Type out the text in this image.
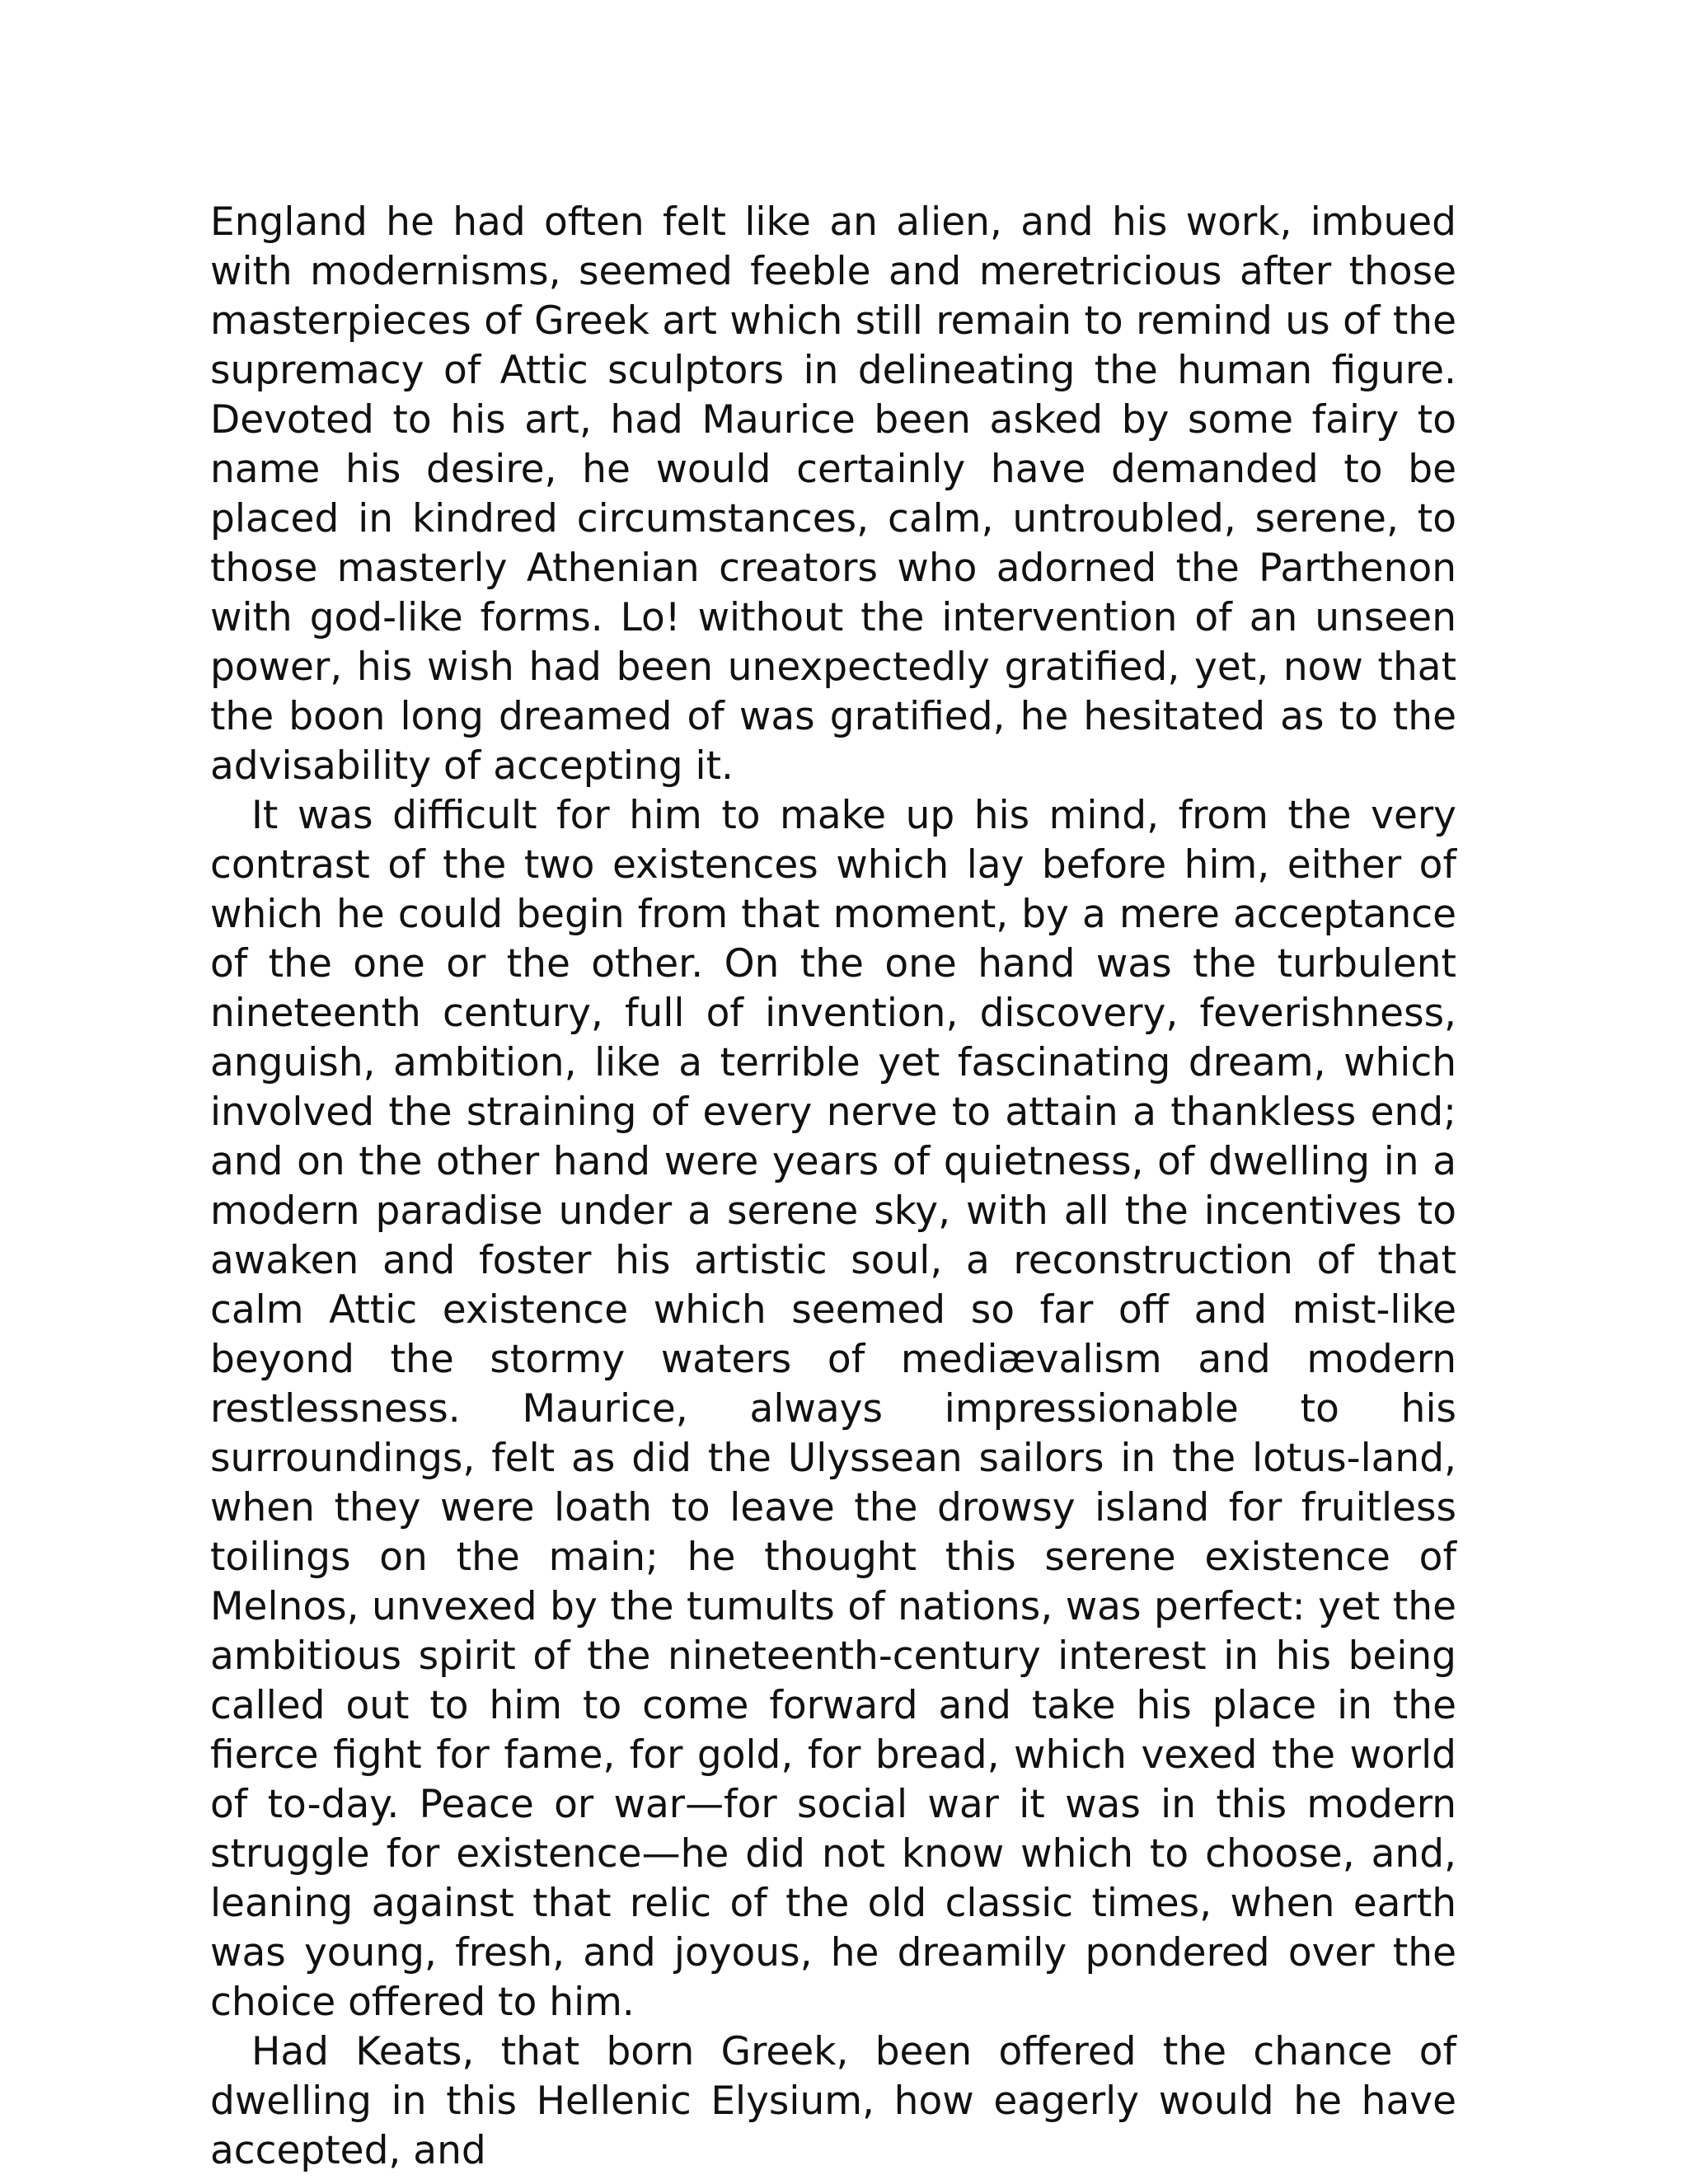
England he had often felt like an alien, and his work, imbued with modernisms, seemed feeble and meretricious after those masterpieces of Greek art which still remain to remind us of the supremacy of Attic sculptors in delineating the human figure. Devoted to his art, had Maurice been asked by some fairy to name his desire, he would certainly have demanded to be placed in kindred circumstances, calm, untroubled, serene, to those masterly Athenian creators who adorned the Parthenon with god-like forms. Lo! without the intervention of an unseen power, his wish had been unexpectedly gratified, yet, now that the boon long dreamed of was gratified, he hesitated as to the advisability of accepting it.

It was difficult for him to make up his mind, from the very contrast of the two existences which lay before him, either of which he could begin from that moment, by a mere acceptance of the one or the other. On the one hand was the turbulent nineteenth century, full of invention, discovery, feverishness, anguish, ambition, like a terrible yet fascinating dream, which involved the straining of every nerve to attain a thankless end; and on the other hand were years of quietness, of dwelling in a modern paradise under a serene sky, with all the incentives to awaken and foster his artistic soul, a reconstruction of that calm Attic existence which seemed so far off and mist-like beyond the stormy waters of mediævalism and modern restlessness. Maurice, always impressionable to his surroundings, felt as did the Ulyssean sailors in the lotus-land, when they were loath to leave the drowsy island for fruitless toilings on the main; he thought this serene existence of Melnos, unvexed by the tumults of nations, was perfect: yet the ambitious spirit of the nineteenth-century interest in his being called out to him to come forward and take his place in the fierce fight for fame, for gold, for bread, which vexed the world of to-day. Peace or war—for social war it was in this modern struggle for existence—he did not know which to choose, and, leaning against that relic of the old classic times, when earth was young, fresh, and joyous, he dreamily pondered over the choice offered to him.

Had Keats, that born Greek, been offered the chance of dwelling in this Hellenic Elysium, how eagerly would he have accepted, and
